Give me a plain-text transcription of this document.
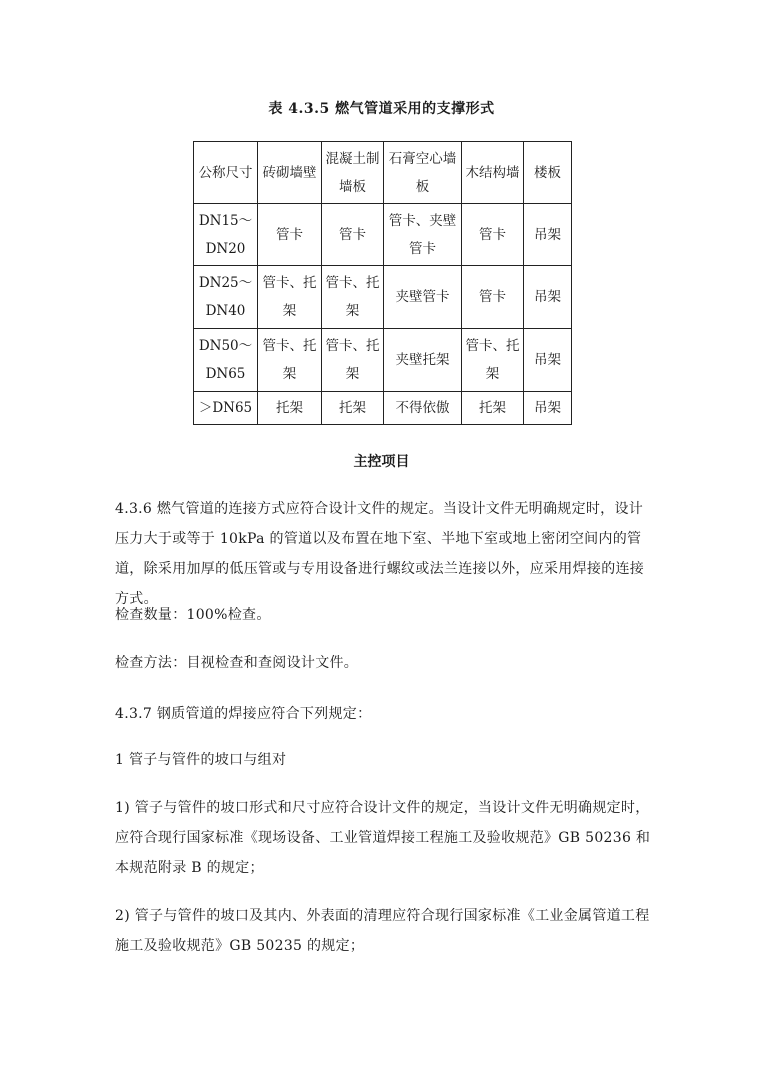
表 4.3.5 燃气管道采用的支撑形式
公称尺寸	砖砌墙壁	混凝土制墙板	石膏空心墙板	木结构墙	楼板
DN15～DN20	管卡	管卡	管卡、夹壁管卡	管卡	吊架
DN25～DN40	管卡、托架	管卡、托架	夹壁管卡	管卡	吊架
DN50～DN65	管卡、托架	管卡、托架	夹壁托架	管卡、托架	吊架
＞DN65	托架	托架	不得依傲	托架	吊架
主控项目
4.3.6 燃气管道的连接方式应符合设计文件的规定。当设计文件无明确规定时，设计压力大于或等于 10kPa 的管道以及布置在地下室、半地下室或地上密闭空间内的管道，除采用加厚的低压管或与专用设备进行螺纹或法兰连接以外，应采用焊接的连接方式。
检查数量：100%检查。
检查方法：目视检查和查阅设计文件。
4.3.7 钢质管道的焊接应符合下列规定：
1 管子与管件的坡口与组对
1) 管子与管件的坡口形式和尺寸应符合设计文件的规定，当设计文件无明确规定时，应符合现行国家标准《现场设备、工业管道焊接工程施工及验收规范》GB 50236 和本规范附录 B 的规定；
2) 管子与管件的坡口及其内、外表面的清理应符合现行国家标准《工业金属管道工程施工及验收规范》GB 50235 的规定；
